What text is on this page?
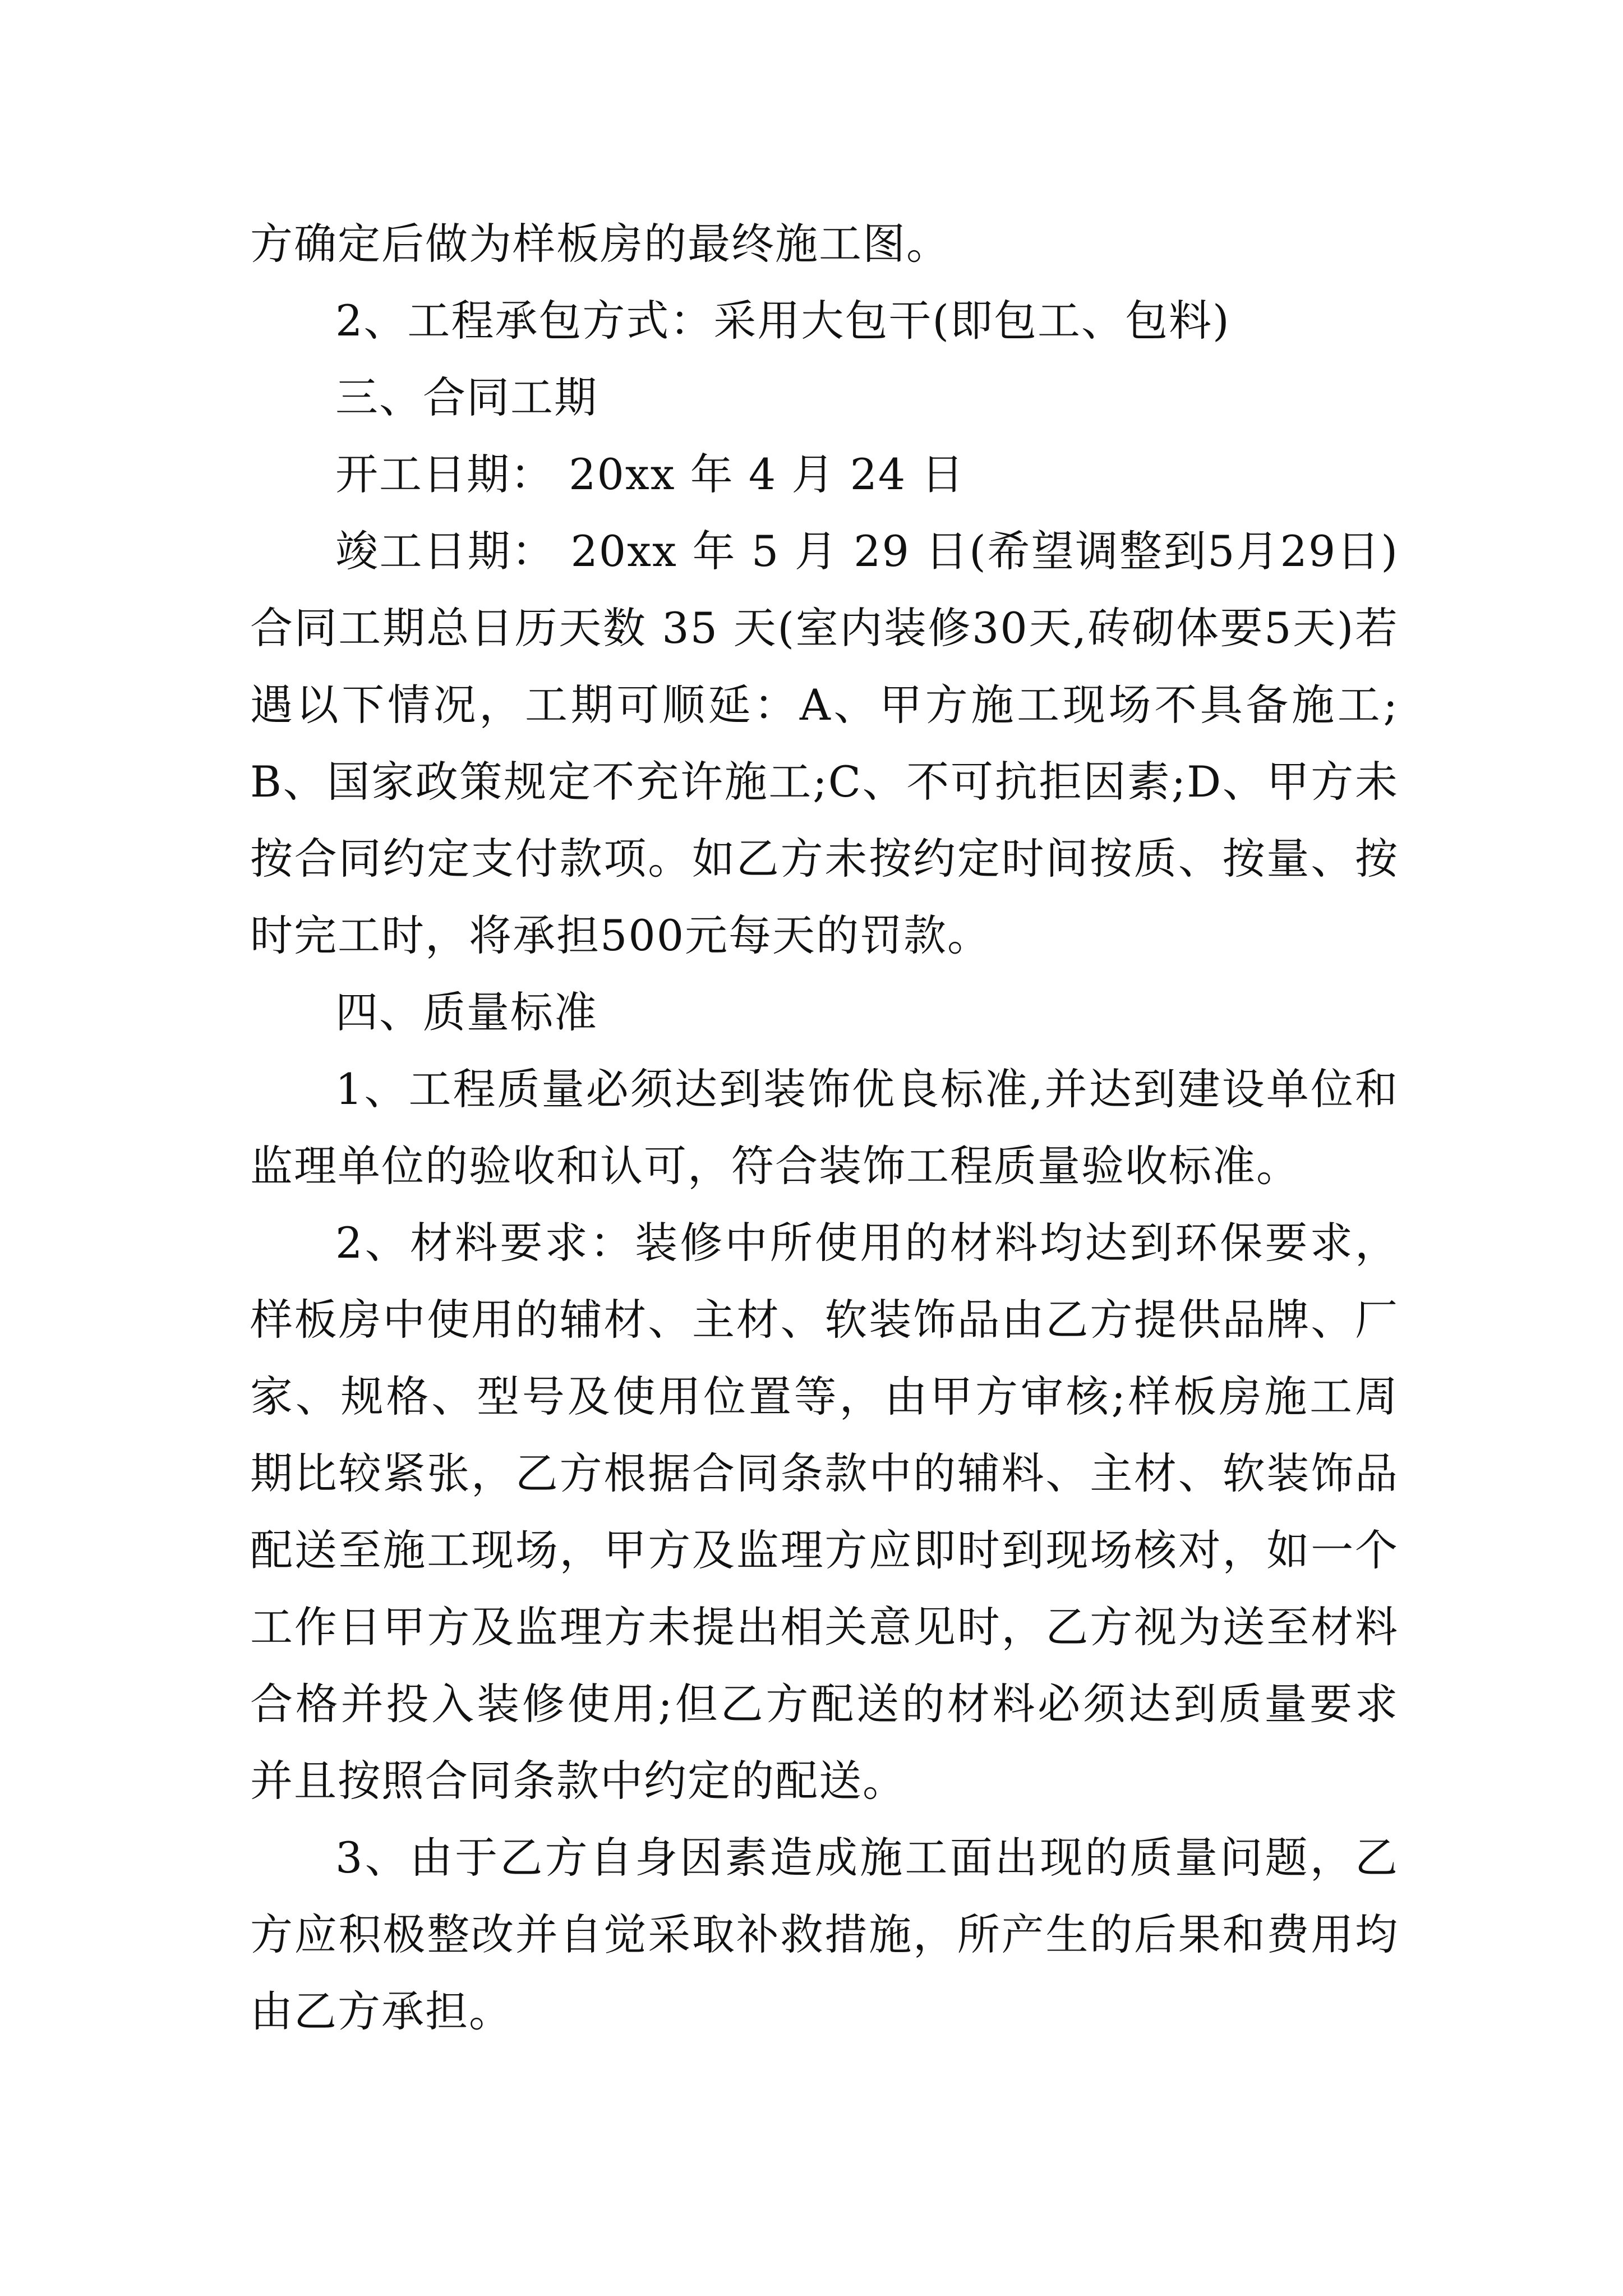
方确定后做为样板房的最终施工图。

2、工程承包方式：采用大包干(即包工、包料)

三、合同工期

开工日期： 20xx 年 4 月 24 日

竣工日期： 20xx 年 5 月 29 日(希望调整到5月29日)合同工期总日历天数 35 天(室内装修30天,砖砌体要5天)若遇以下情况，工期可顺延：A、甲方施工现场不具备施工;B、国家政策规定不充许施工;C、不可抗拒因素;D、甲方未按合同约定支付款项。如乙方未按约定时间按质、按量、按时完工时，将承担500元每天的罚款。

四、质量标准

1、工程质量必须达到装饰优良标准,并达到建设单位和监理单位的验收和认可，符合装饰工程质量验收标准。

2、材料要求：装修中所使用的材料均达到环保要求，样板房中使用的辅材、主材、软装饰品由乙方提供品牌、厂家、规格、型号及使用位置等，由甲方审核;样板房施工周期比较紧张，乙方根据合同条款中的辅料、主材、软装饰品配送至施工现场，甲方及监理方应即时到现场核对，如一个工作日甲方及监理方未提出相关意见时，乙方视为送至材料合格并投入装修使用;但乙方配送的材料必须达到质量要求并且按照合同条款中约定的配送。

3、由于乙方自身因素造成施工面出现的质量问题，乙方应积极整改并自觉采取补救措施，所产生的后果和费用均由乙方承担。
